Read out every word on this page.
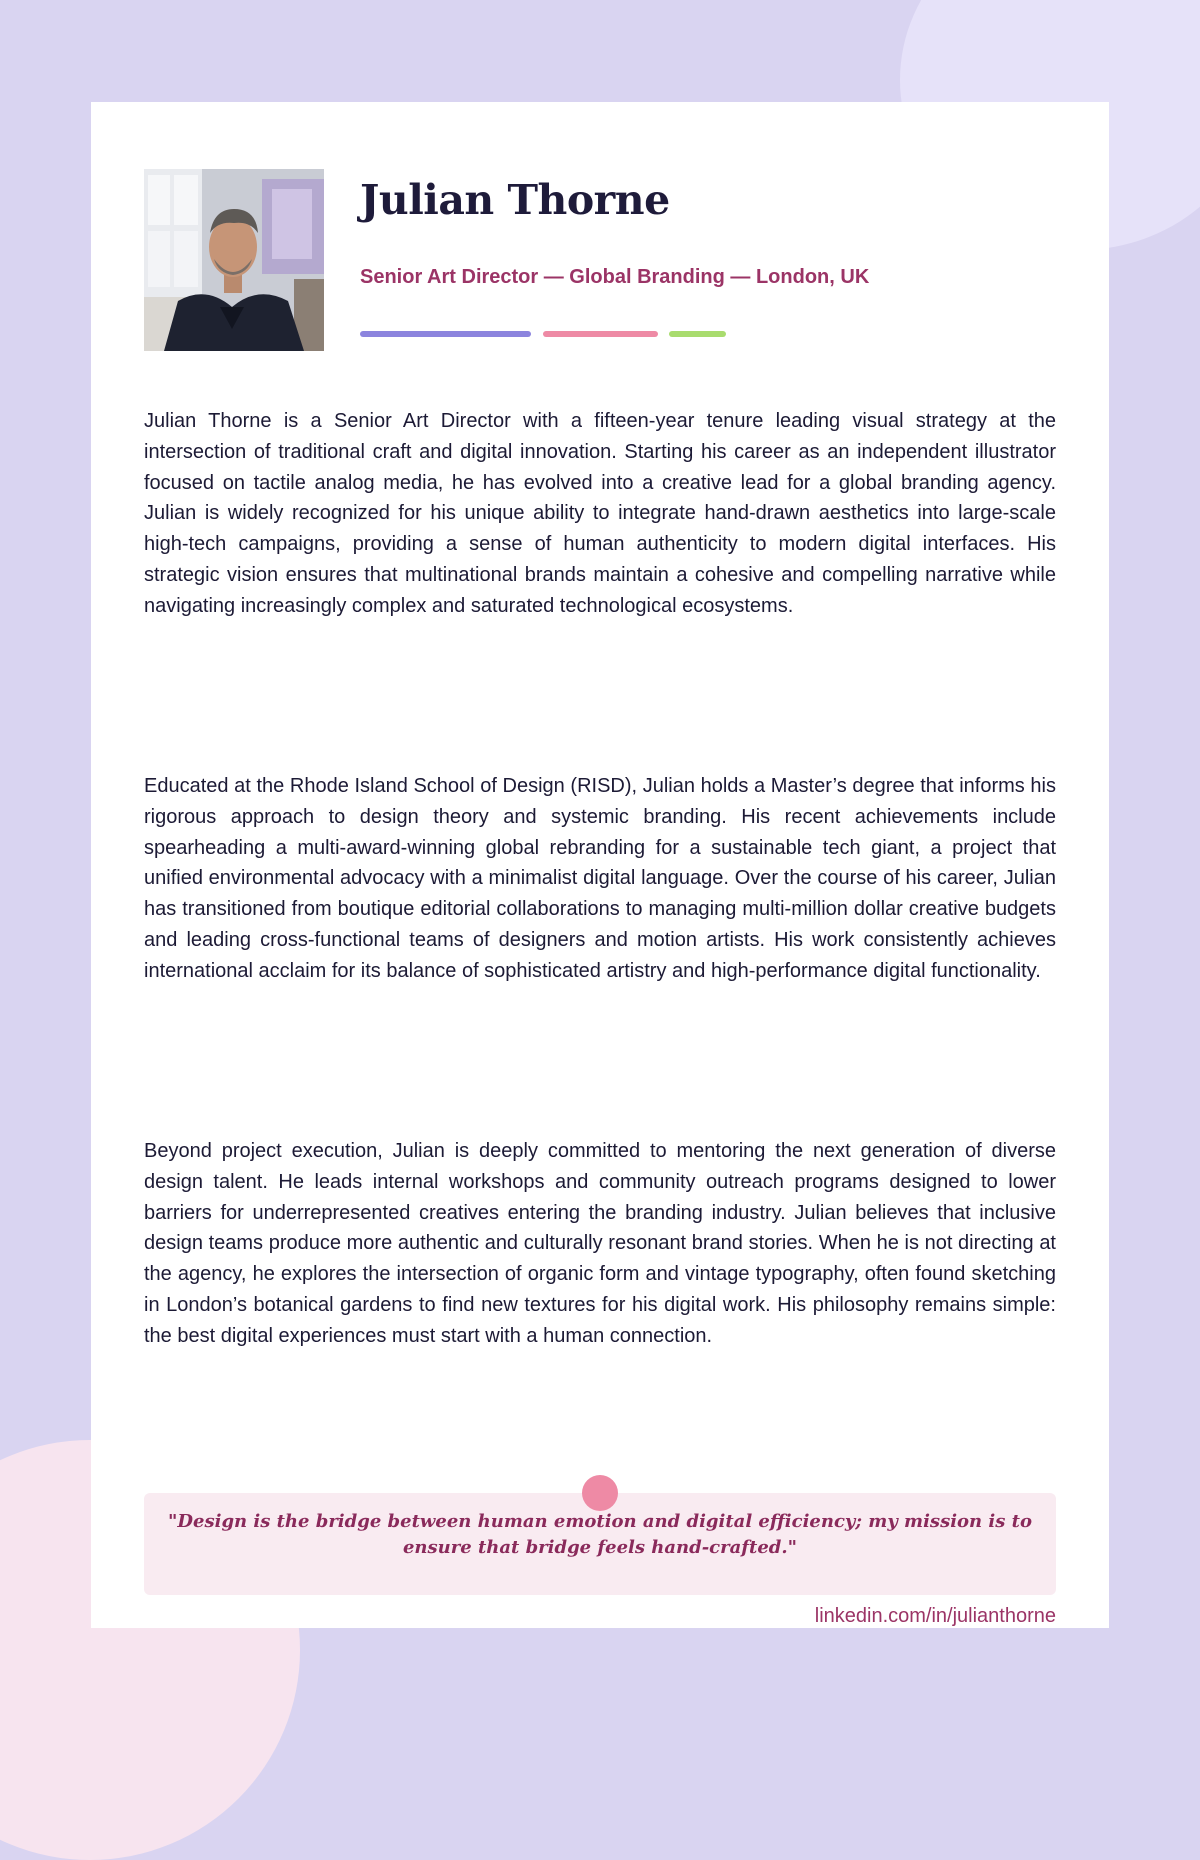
Julian Thorne

Senior Art Director — Global Branding — London, UK

Julian Thorne is a Senior Art Director with a fifteen-year tenure leading visual strategy at the intersection of traditional craft and digital innovation. Starting his career as an independent illustrator focused on tactile analog media, he has evolved into a creative lead for a global branding agency. Julian is widely recognized for his unique ability to integrate hand-drawn aesthetics into large-scale high-tech campaigns, providing a sense of human authenticity to modern digital interfaces. His strategic vision ensures that multinational brands maintain a cohesive and compelling narrative while navigating increasingly complex and saturated technological ecosystems.

Educated at the Rhode Island School of Design (RISD), Julian holds a Master’s degree that informs his rigorous approach to design theory and systemic branding. His recent achievements include spearheading a multi-award-winning global rebranding for a sustainable tech giant, a project that unified environmental advocacy with a minimalist digital language. Over the course of his career, Julian has transitioned from boutique editorial collaborations to managing multi-million dollar creative budgets and leading cross-functional teams of designers and motion artists. His work consistently achieves international acclaim for its balance of sophisticated artistry and high-performance digital functionality.

Beyond project execution, Julian is deeply committed to mentoring the next generation of diverse design talent. He leads internal workshops and community outreach programs designed to lower barriers for underrepresented creatives entering the branding industry. Julian believes that inclusive design teams produce more authentic and culturally resonant brand stories. When he is not directing at the agency, he explores the intersection of organic form and vintage typography, often found sketching in London’s botanical gardens to find new textures for his digital work. His philosophy remains simple: the best digital experiences must start with a human connection.

"Design is the bridge between human emotion and digital efficiency; my mission is to ensure that bridge feels hand-crafted."

linkedin.com/in/julianthorne
